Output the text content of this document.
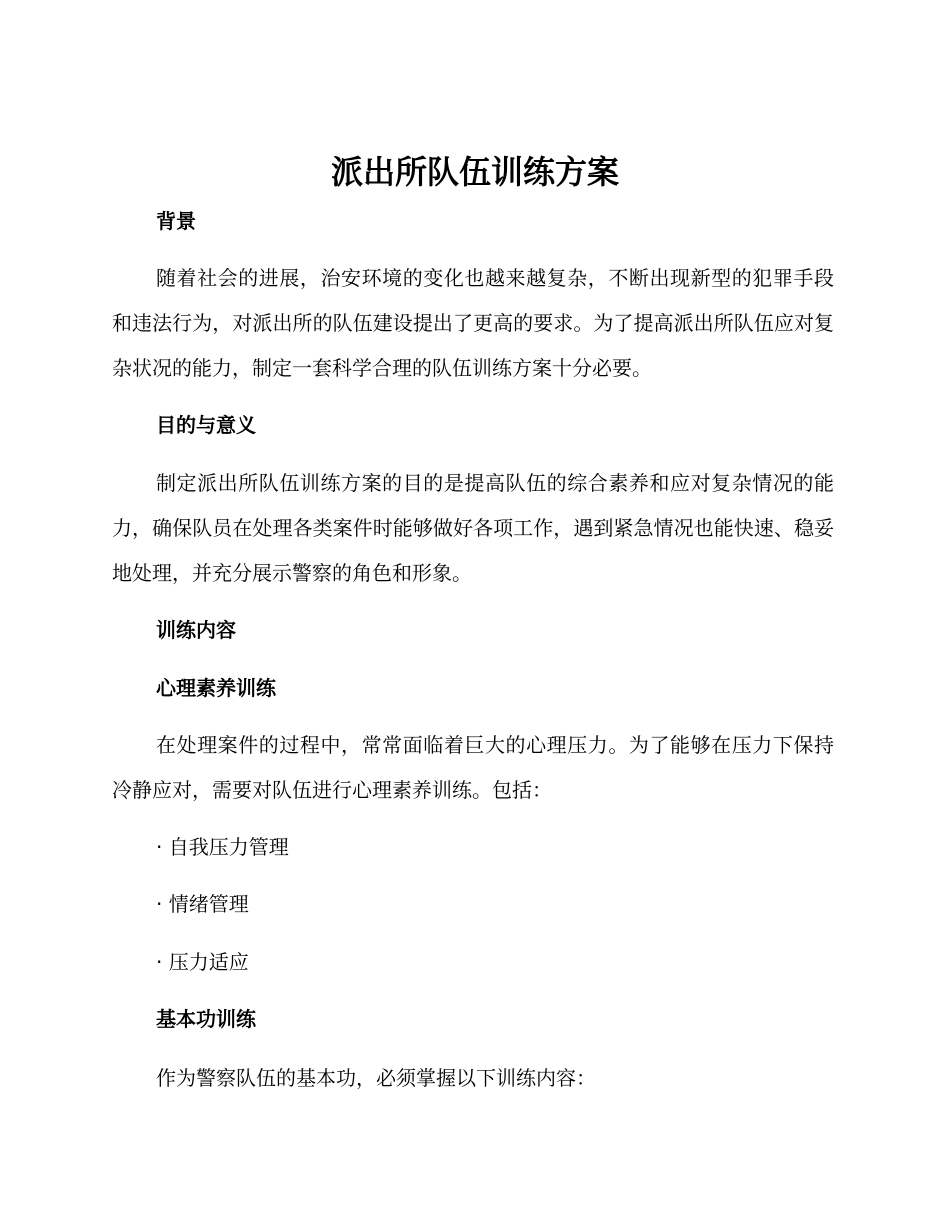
派出所队伍训练方案
背景

随着社会的进展，治安环境的变化也越来越复杂，不断出现新型的犯罪手段和违法行为，对派出所的队伍建设提出了更高的要求。为了提高派出所队伍应对复杂状况的能力，制定一套科学合理的队伍训练方案十分必要。

目的与意义

制定派出所队伍训练方案的目的是提高队伍的综合素养和应对复杂情况的能力，确保队员在处理各类案件时能够做好各项工作，遇到紧急情况也能快速、稳妥地处理，并充分展示警察的角色和形象。

训练内容
心理素养训练

在处理案件的过程中，常常面临着巨大的心理压力。为了能够在压力下保持冷静应对，需要对队伍进行心理素养训练。包括：

· 自我压力管理
· 情绪管理
· 压力适应
基本功训练

作为警察队伍的基本功，必须掌握以下训练内容：
